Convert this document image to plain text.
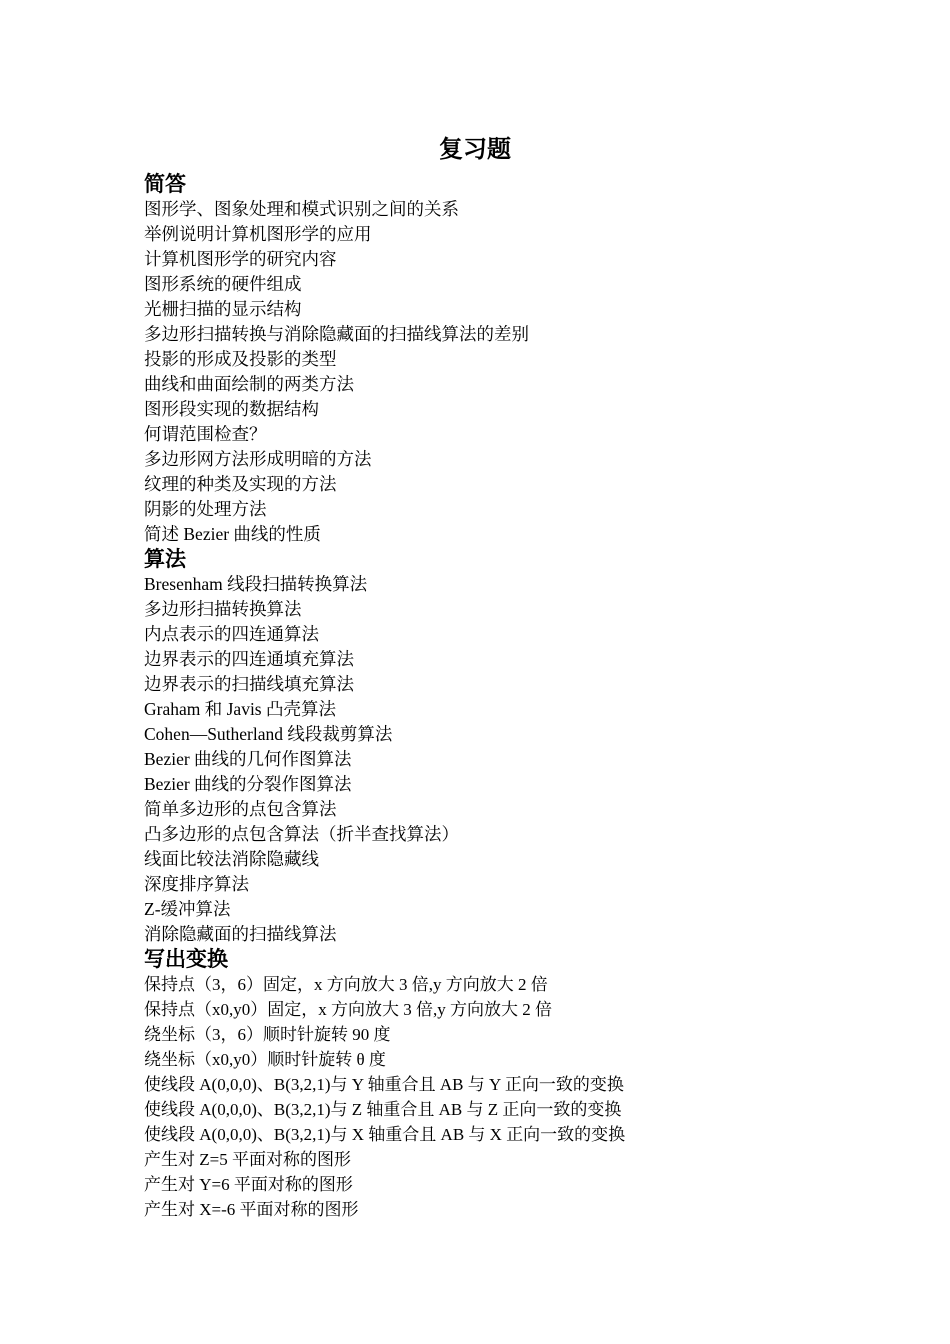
复习题
简答
图形学、图象处理和模式识别之间的关系
举例说明计算机图形学的应用
计算机图形学的研究内容
图形系统的硬件组成
光栅扫描的显示结构
多边形扫描转换与消除隐藏面的扫描线算法的差别
投影的形成及投影的类型
曲线和曲面绘制的两类方法
图形段实现的数据结构
何谓范围检查？
多边形网方法形成明暗的方法
纹理的种类及实现的方法
阴影的处理方法
简述 Bezier 曲线的性质
算法
Bresenham 线段扫描转换算法
多边形扫描转换算法
内点表示的四连通算法
边界表示的四连通填充算法
边界表示的扫描线填充算法
Graham 和 Javis 凸壳算法
Cohen—Sutherland 线段裁剪算法
Bezier 曲线的几何作图算法
Bezier 曲线的分裂作图算法
简单多边形的点包含算法
凸多边形的点包含算法（折半查找算法）
线面比较法消除隐藏线
深度排序算法
Z-缓冲算法
消除隐藏面的扫描线算法
写出变换
保持点（3，6）固定，x 方向放大 3 倍,y 方向放大 2 倍
保持点（x0,y0）固定，x 方向放大 3 倍,y 方向放大 2 倍
绕坐标（3，6）顺时针旋转 90 度
绕坐标（x0,y0）顺时针旋转 θ 度
使线段 A(0,0,0)、B(3,2,1)与 Y 轴重合且 AB 与 Y 正向一致的变换
使线段 A(0,0,0)、B(3,2,1)与 Z 轴重合且 AB 与 Z 正向一致的变换
使线段 A(0,0,0)、B(3,2,1)与 X 轴重合且 AB 与 X 正向一致的变换
产生对 Z=5 平面对称的图形
产生对 Y=6 平面对称的图形
产生对 X=-6 平面对称的图形
